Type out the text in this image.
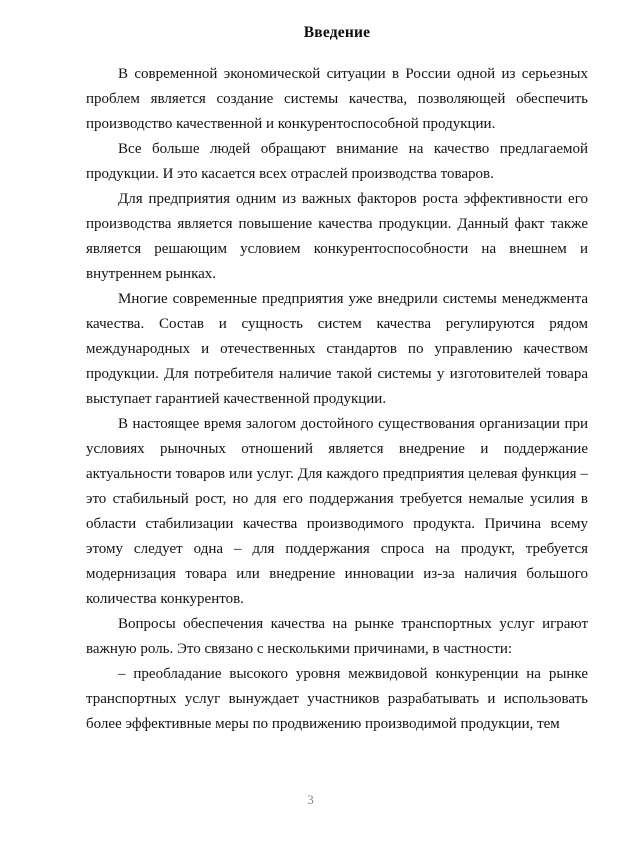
Введение

В современной экономической ситуации в России одной из серьезных проблем является создание системы качества, позволяющей обеспечить производство качественной и конкурентоспособной продукции.

Все больше людей обращают внимание на качество предлагаемой продукции. И это касается всех отраслей производства товаров.

Для предприятия одним из важных факторов роста эффективности его производства является повышение качества продукции. Данный факт также является решающим условием конкурентоспособности на внешнем и внутреннем рынках.

Многие современные предприятия уже внедрили системы менеджмента качества. Состав и сущность систем качества регулируются рядом международных и отечественных стандартов по управлению качеством продукции. Для потребителя наличие такой системы у изготовителей товара выступает гарантией качественной продукции.

В настоящее время залогом достойного существования организации при условиях рыночных отношений является внедрение и поддержание актуальности товаров или услуг. Для каждого предприятия целевая функция – это стабильный рост, но для его поддержания требуется немалые усилия в области стабилизации качества производимого продукта. Причина всему этому следует одна – для поддержания спроса на продукт, требуется модернизация товара или внедрение инновации из-за наличия большого количества конкурентов.

Вопросы обеспечения качества на рынке транспортных услуг играют важную роль. Это связано с несколькими причинами, в частности:

– преобладание высокого уровня межвидовой конкуренции на рынке транспортных услуг вынуждает участников разрабатывать и использовать более эффективные меры по продвижению производимой продукции, тем

3
